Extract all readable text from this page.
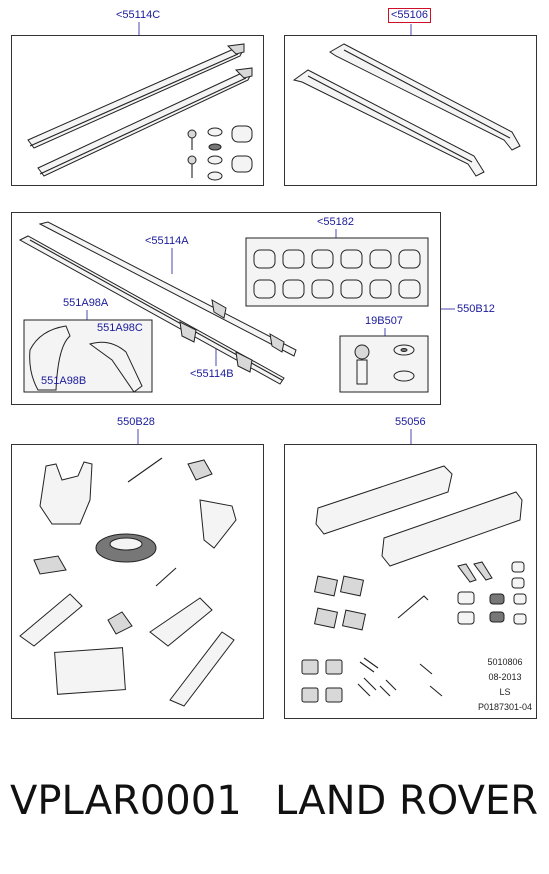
<55114C	<55106
<55182
<55114A
551A98A
551A98C
551A98B
<55114B
19B507
550B12
550B28	55056
5010806
08-2013
LS
P0187301-04
VPLAR0001 LAND ROVER
